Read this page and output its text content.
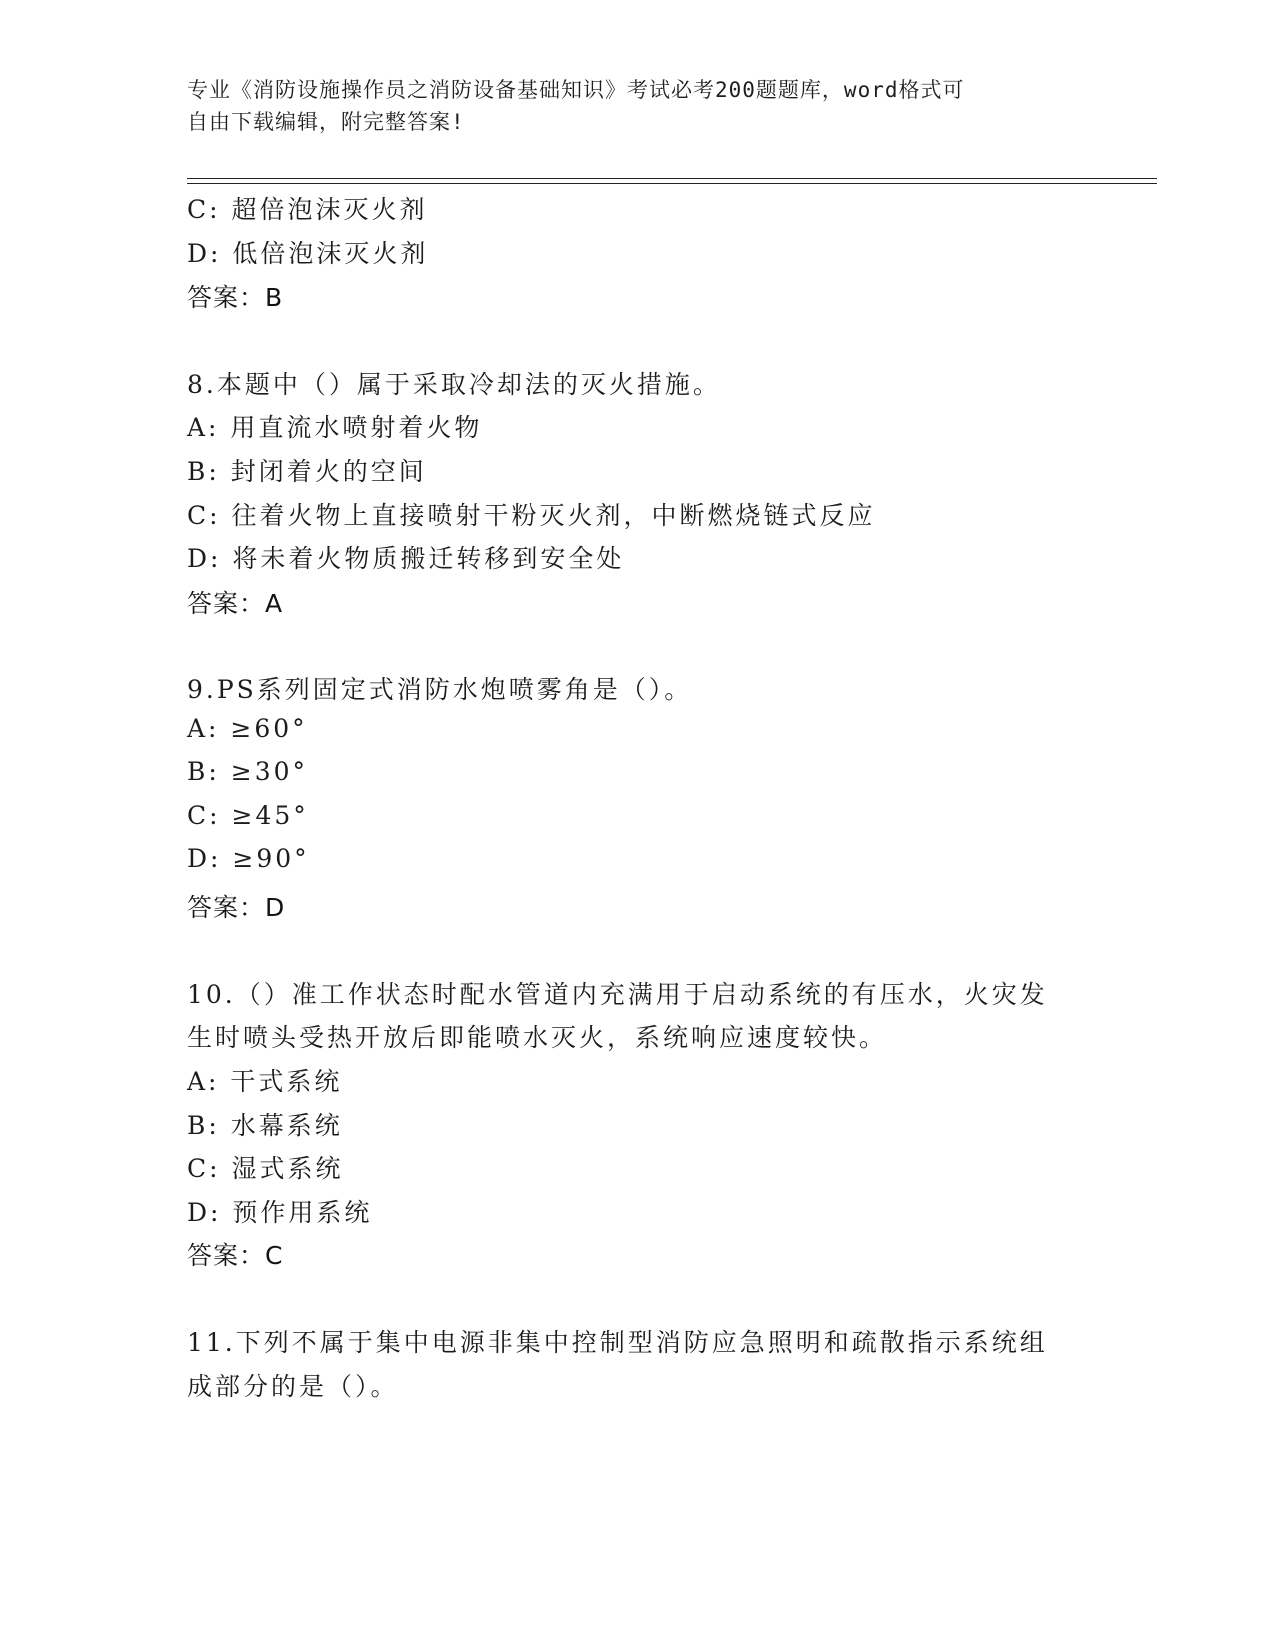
专业《消防设施操作员之消防设备基础知识》考试必考200题题库，word格式可
自由下载编辑，附完整答案!
C: 超倍泡沫灭火剂
D: 低倍泡沫灭火剂
答案：B
8.本题中（）属于采取冷却法的灭火措施。
A: 用直流水喷射着火物
B: 封闭着火的空间
C: 往着火物上直接喷射干粉灭火剂，中断燃烧链式反应
D: 将未着火物质搬迁转移到安全处
答案：A
9.PS系列固定式消防水炮喷雾角是（）。
A: ≥60°
B: ≥30°
C: ≥45°
D: ≥90°
答案：D
10.（）准工作状态时配水管道内充满用于启动系统的有压水，火灾发
生时喷头受热开放后即能喷水灭火，系统响应速度较快。
A: 干式系统
B: 水幕系统
C: 湿式系统
D: 预作用系统
答案：C
11.下列不属于集中电源非集中控制型消防应急照明和疏散指示系统组
成部分的是（）。
